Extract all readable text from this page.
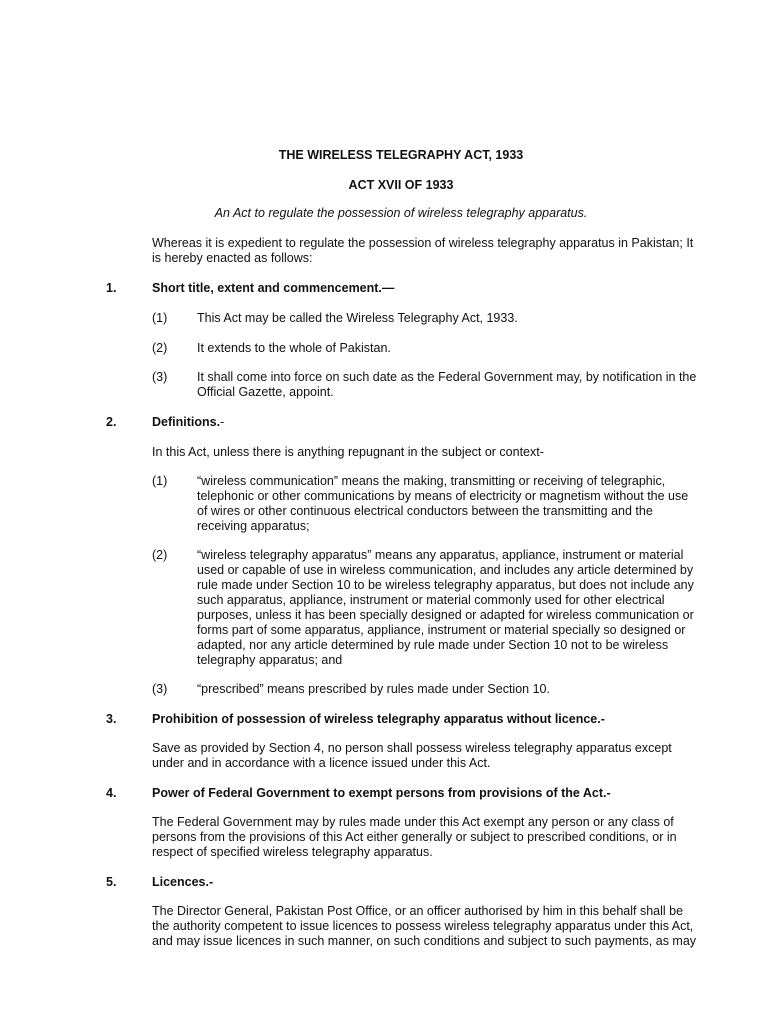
THE WIRELESS TELEGRAPHY ACT, 1933
ACT XVII OF 1933
An Act to regulate the possession of wireless telegraphy apparatus.
Whereas it is expedient to regulate the possession of wireless telegraphy apparatus in Pakistan; It
is hereby enacted as follows:
1.	Short title, extent and commencement.—
(1) This Act may be called the Wireless Telegraphy Act, 1933.
(2) It extends to the whole of Pakistan.
(3) It shall come into force on such date as the Federal Government may, by notification in the
Official Gazette, appoint.
2.	Definitions.-
In this Act, unless there is anything repugnant in the subject or context-
(1) “wireless communication” means the making, transmitting or receiving of telegraphic,
telephonic or other communications by means of electricity or magnetism without the use
of wires or other continuous electrical conductors between the transmitting and the
receiving apparatus;
(2) “wireless telegraphy apparatus” means any apparatus, appliance, instrument or material
used or capable of use in wireless communication, and includes any article determined by
rule made under Section 10 to be wireless telegraphy apparatus, but does not include any
such apparatus, appliance, instrument or material commonly used for other electrical
purposes, unless it has been specially designed or adapted for wireless communication or
forms part of some apparatus, appliance, instrument or material specially so designed or
adapted, nor any article determined by rule made under Section 10 not to be wireless
telegraphy apparatus; and
(3) “prescribed” means prescribed by rules made under Section 10.
3.	Prohibition of possession of wireless telegraphy apparatus without licence.-
Save as provided by Section 4, no person shall possess wireless telegraphy apparatus except
under and in accordance with a licence issued under this Act.
4.	Power of Federal Government to exempt persons from provisions of the Act.-
The Federal Government may by rules made under this Act exempt any person or any class of
persons from the provisions of this Act either generally or subject to prescribed conditions, or in
respect of specified wireless telegraphy apparatus.
5.	Licences.-
The Director General, Pakistan Post Office, or an officer authorised by him in this behalf shall be
the authority competent to issue licences to possess wireless telegraphy apparatus under this Act,
and may issue licences in such manner, on such conditions and subject to such payments, as may
